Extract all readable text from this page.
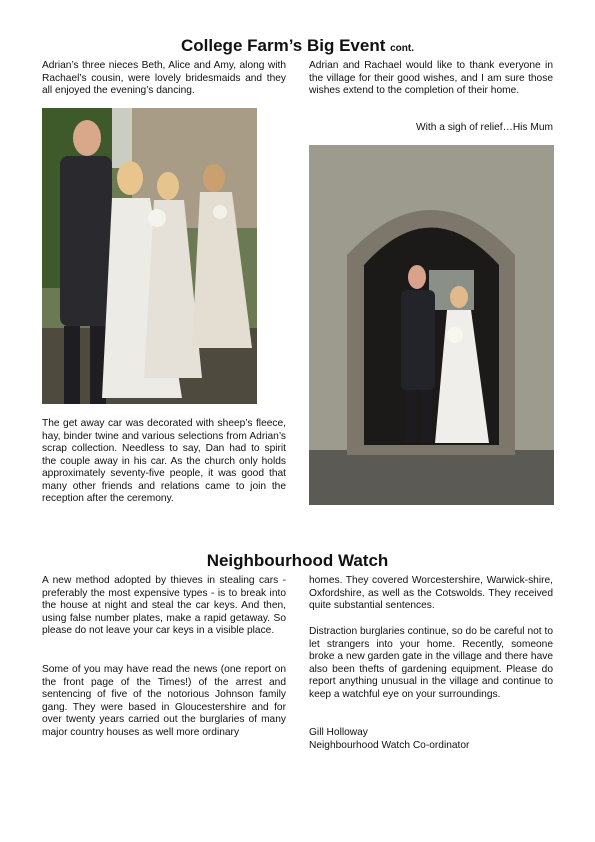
College Farm’s Big Event cont.

Adrian’s three nieces Beth, Alice and Amy, along with Rachael’s cousin, were lovely bridesmaids and they all enjoyed the evening’s dancing.

The get away car was decorated with sheep’s fleece, hay, binder twine and various selections from Adrian’s scrap collection. Needless to say, Dan had to spirit the couple away in his car. As the church only holds approximately seventy-five people, it was good that many other friends and relations came to join the reception after the ceremony.

Adrian and Rachael would like to thank everyone in the village for their good wishes, and I am sure those wishes extend to the completion of their home.

With a sigh of relief…His Mum

Neighbourhood Watch

A new method adopted by thieves in stealing cars - preferably the most expensive types - is to break into the house at night and steal the car keys. And then, using false number plates, make a rapid getaway. So please do not leave your car keys in a visible place.

Some of you may have read the news (one report on the front page of the Times!) of the arrest and sentencing of five of the notorious Johnson family gang. They were based in Gloucestershire and for over twenty years carried out the burglaries of many major country houses as well more ordinary

homes. They covered Worcestershire, Warwick-shire, Oxfordshire, as well as the Cotswolds. They received quite substantial sentences.

Distraction burglaries continue, so do be careful not to let strangers into your home. Recently, someone broke a new garden gate in the village and there have also been thefts of gardening equipment. Please do report anything unusual in the village and continue to keep a watchful eye on your surroundings.

Gill Holloway

Neighbourhood Watch Co-ordinator
